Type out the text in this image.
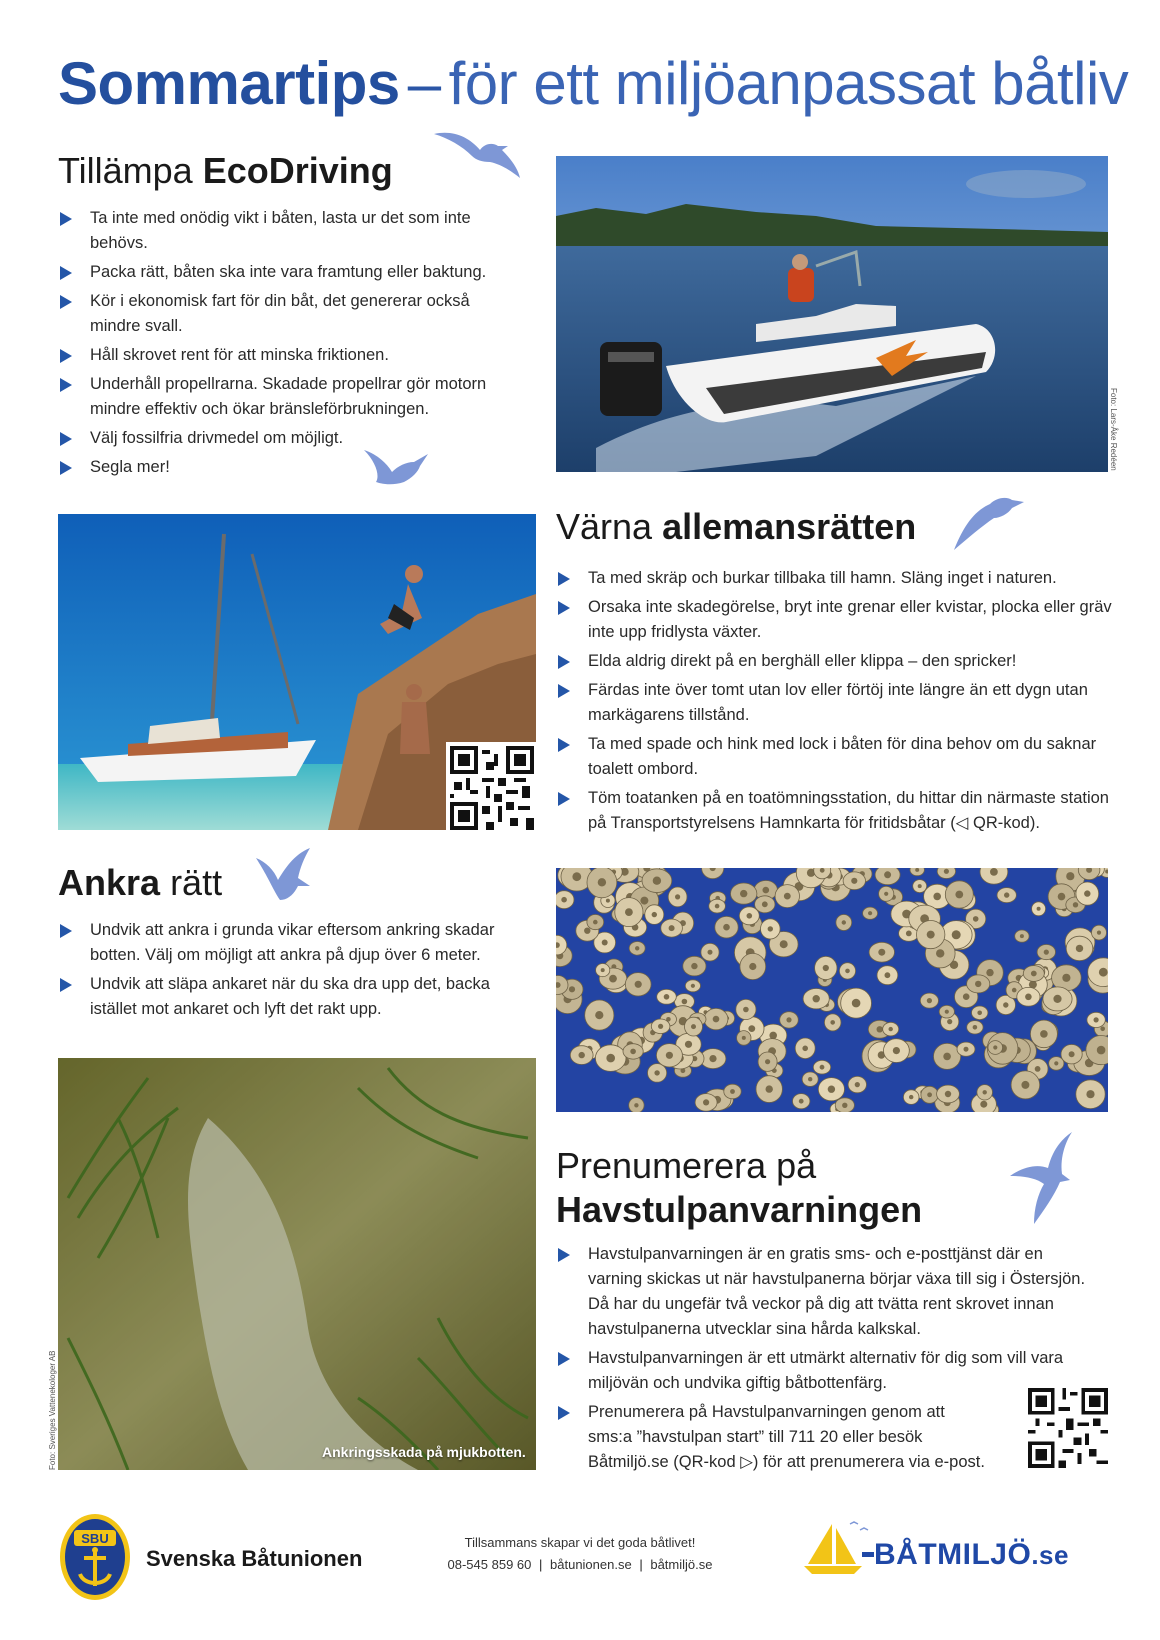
Sommartips – för ett miljöanpassat båtliv
Tillämpa EcoDriving
Ta inte med onödig vikt i båten, lasta ur det som inte behövs.
Packa rätt, båten ska inte vara framtung eller baktung.
Kör i ekonomisk fart för din båt, det genererar också mindre svall.
Håll skrovet rent för att minska friktionen.
Underhåll propellrarna. Skadade propellrar gör motorn mindre effektiv och ökar bränsleförbrukningen.
Välj fossilfria drivmedel om möjligt.
Segla mer!	Foto: Lars-Åke Redéen
Värna allemansrätten
Ta med skräp och burkar tillbaka till hamn. Släng inget i naturen.
Orsaka inte skadegörelse, bryt inte grenar eller kvistar, plocka eller gräv inte upp fridlysta växter.
Elda aldrig direkt på en berghäll eller klippa – den spricker!
Färdas inte över tomt utan lov eller förtöj inte längre än ett dygn utan markägarens tillstånd.
Ta med spade och hink med lock i båten för dina behov om du saknar toalett ombord.
Töm toatanken på en toatömningsstation, du hittar din närmaste station på Transportstyrelsens Hamnkarta för fritidsbåtar (◁ QR-kod).
Ankra rätt
Undvik att ankra i grunda vikar eftersom ankring skadar botten. Välj om möjligt att ankra på djup över 6 meter.
Undvik att släpa ankaret när du ska dra upp det, backa istället mot ankaret och lyft det rakt upp.
Ankringsskada på mjukbotten.
Foto: Sveriges Vattenekologer AB
Prenumerera på
Havstulpanvarningen
Havstulpanvarningen är en gratis sms- och e-posttjänst där en varning skickas ut när havstulpanerna börjar växa till sig i Östersjön. Då har du ungefär två veckor på dig att tvätta rent skrovet innan havstulpanerna utvecklar sina hårda kalkskal.
Havstulpanvarningen är ett utmärkt alternativ för dig som vill vara miljövän och undvika giftig båtbottenfärg.
Prenumerera på Havstulpanvarningen genom att sms:a ”havstulpan start” till 711 20 eller besök Båtmiljö.se (QR-kod ▷) för att prenumerera via e-post.
SBU
Svenska Båtunionen
Tillsammans skapar vi det goda båtlivet!
08-545 859 60 | båtunionen.se | båtmiljö.se	BÅTMILJÖ.se
